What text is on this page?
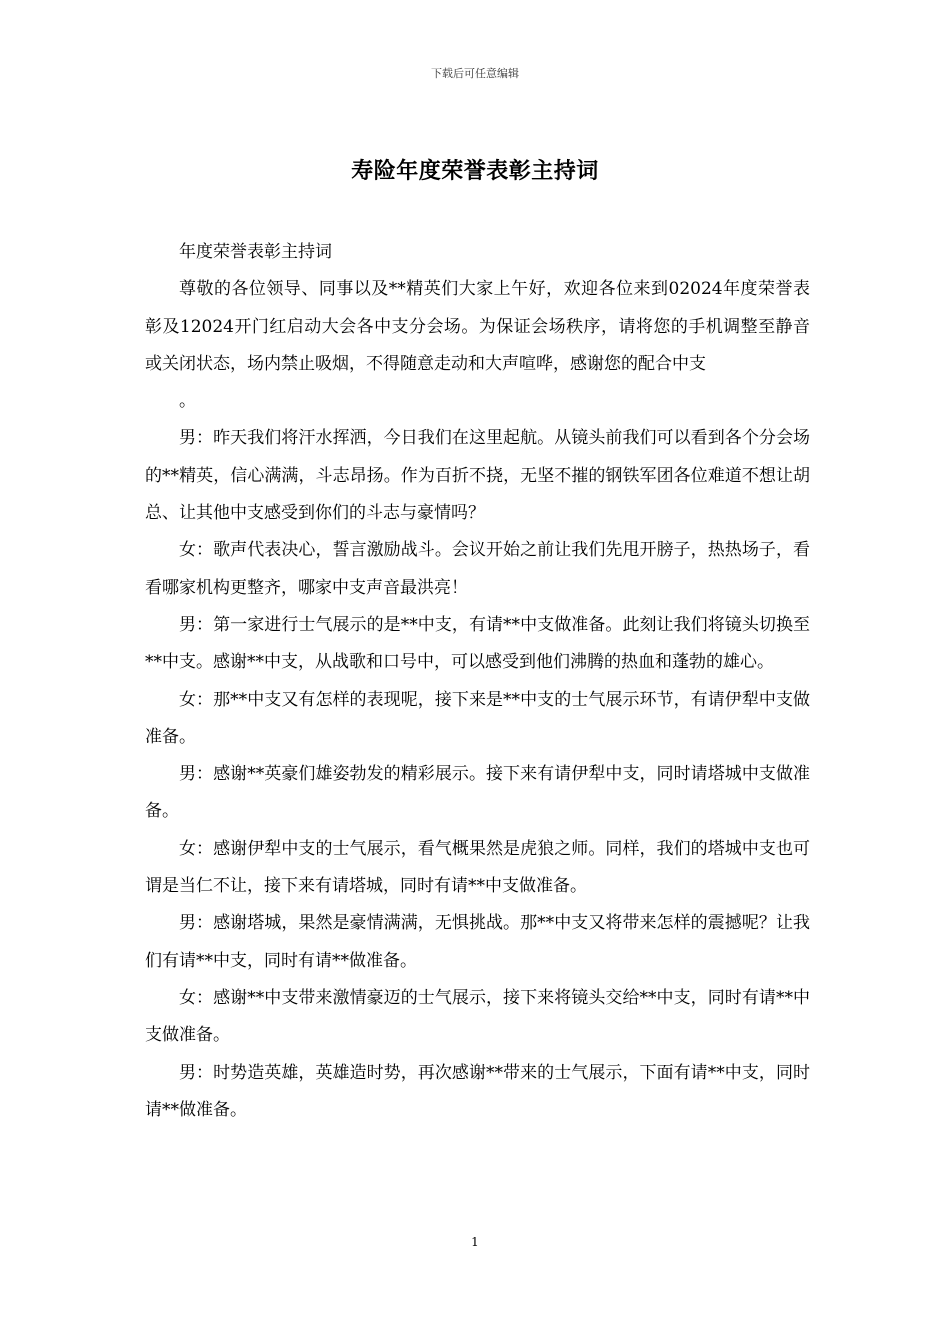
下载后可任意编辑
寿险年度荣誉表彰主持词

年度荣誉表彰主持词

尊敬的各位领导、同事以及**精英们大家上午好，欢迎各位来到02024年度荣誉表彰及12024开门红启动大会各中支分会场。为保证会场秩序，请将您的手机调整至静音或关闭状态，场内禁止吸烟，不得随意走动和大声喧哗，感谢您的配合中支

。

男：昨天我们将汗水挥洒，今日我们在这里起航。从镜头前我们可以看到各个分会场的**精英，信心满满，斗志昂扬。作为百折不挠，无坚不摧的钢铁军团各位难道不想让胡总、让其他中支感受到你们的斗志与豪情吗？

女：歌声代表决心，誓言激励战斗。会议开始之前让我们先甩开膀子，热热场子，看看哪家机构更整齐，哪家中支声音最洪亮！

男：第一家进行士气展示的是**中支，有请**中支做准备。此刻让我们将镜头切换至**中支。感谢**中支，从战歌和口号中，可以感受到他们沸腾的热血和蓬勃的雄心。

女：那**中支又有怎样的表现呢，接下来是**中支的士气展示环节，有请伊犁中支做准备。

男：感谢**英豪们雄姿勃发的精彩展示。接下来有请伊犁中支，同时请塔城中支做准备。

女：感谢伊犁中支的士气展示，看气概果然是虎狼之师。同样，我们的塔城中支也可谓是当仁不让，接下来有请塔城，同时有请**中支做准备。

男：感谢塔城，果然是豪情满满，无惧挑战。那**中支又将带来怎样的震撼呢？让我们有请**中支，同时有请**做准备。

女：感谢**中支带来激情豪迈的士气展示，接下来将镜头交给**中支，同时有请**中支做准备。

男：时势造英雄，英雄造时势，再次感谢**带来的士气展示，下面有请**中支，同时请**做准备。

1
